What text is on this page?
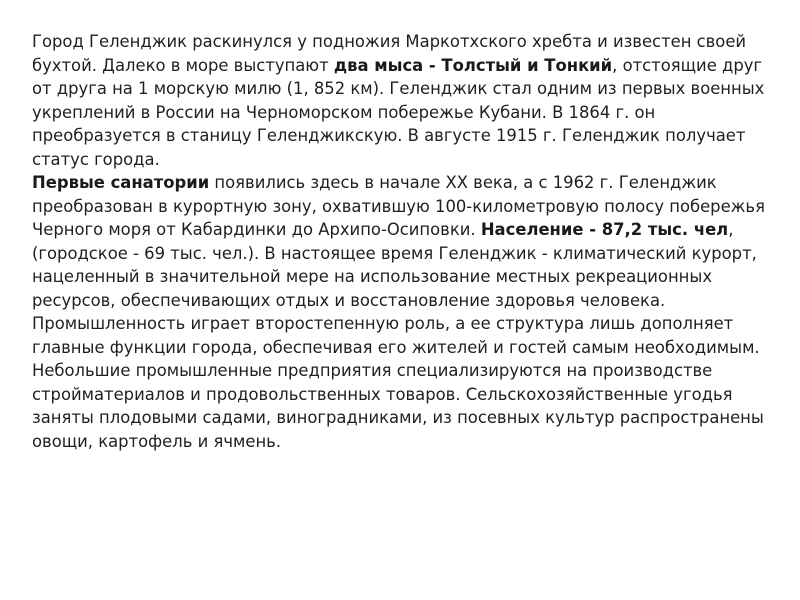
Город Геленджик раскинулся у подножия Маркотхского хребта и известен своей бухтой. Далеко в море выступают два мыса - Толстый и Тонкий, отстоящие друг от друга на 1 морскую милю (1, 852 км). Геленджик стал одним из первых военных укреплений в России на Черноморском побережье Кубани. В 1864 г. он преобразуется в станицу Геленджикскую. В августе 1915 г. Геленджик получает статус города.

Первые санатории появились здесь в начале XX века, а с 1962 г. Геленджик преобразован в курортную зону, охватившую 100-километровую полосу побережья Черного моря от Кабардинки до Архипо-Осиповки. Население - 87,2 тыс. чел, (городское - 69 тыс. чел.). В настоящее время Геленджик - климатический курорт, нацеленный в значительной мере на использование местных рекреационных ресурсов, обеспечивающих отдых и восстановление здоровья человека.

Промышленность играет второстепенную роль, а ее структура лишь дополняет главные функции города, обеспечивая его жителей и гостей самым необходимым. Небольшие промышленные предприятия специализируются на производстве стройматериалов и продовольственных товаров. Сельскохозяйственные угодья заняты плодовыми садами, виноградниками, из посевных культур распространены овощи, картофель и ячмень.
